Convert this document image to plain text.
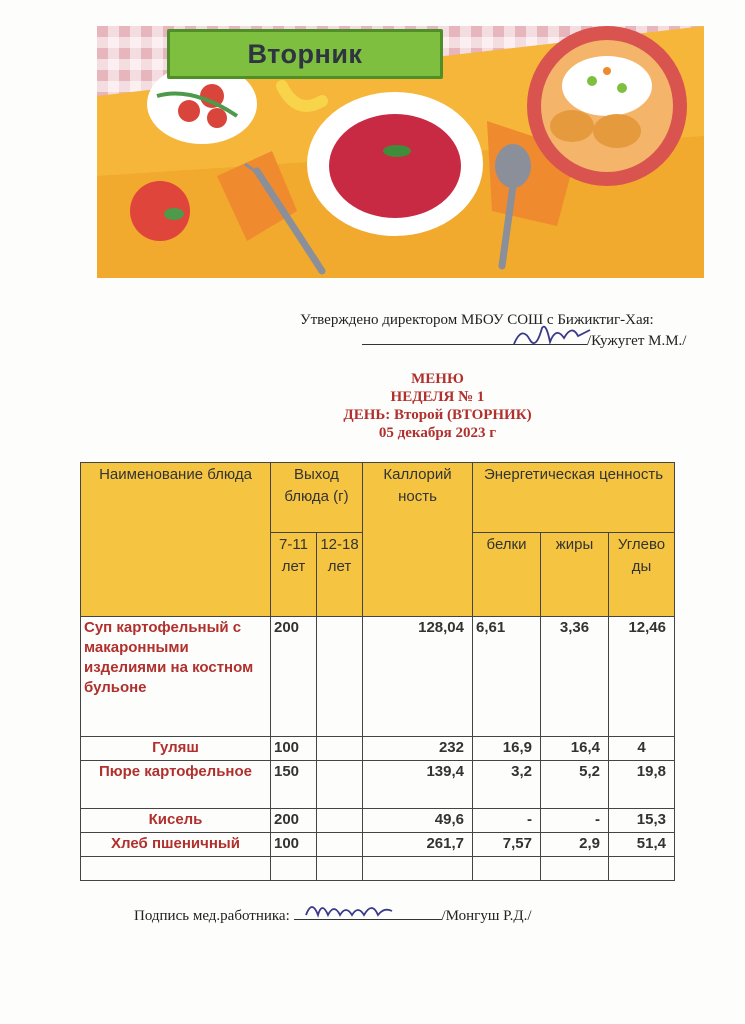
Вторник
Утверждено директором МБОУ СОШ с Бижиктиг-Хая:
/Кужугет М.М./
МЕНЮ
НЕДЕЛЯ № 1
ДЕНЬ: Второй (ВТОРНИК)
05 декабря 2023 г
Наименование блюда	Выход блюда (г)		Каллорий ность	Энергетическая ценность		
	7-11 лет	12-18 лет		белки	жиры	Углево ды
Суп картофельный с макаронными изделиями на костном бульоне	200		128,04	6,61	3,36	12,46
Гуляш	100		232	16,9	16,4	4
Пюре картофельное	150		139,4	3,2	5,2	19,8
Кисель	200		49,6	-	-	15,3
Хлеб пшеничный	100		261,7	7,57	2,9	51,4

Подпись мед.работника:	/Монгуш Р.Д./
